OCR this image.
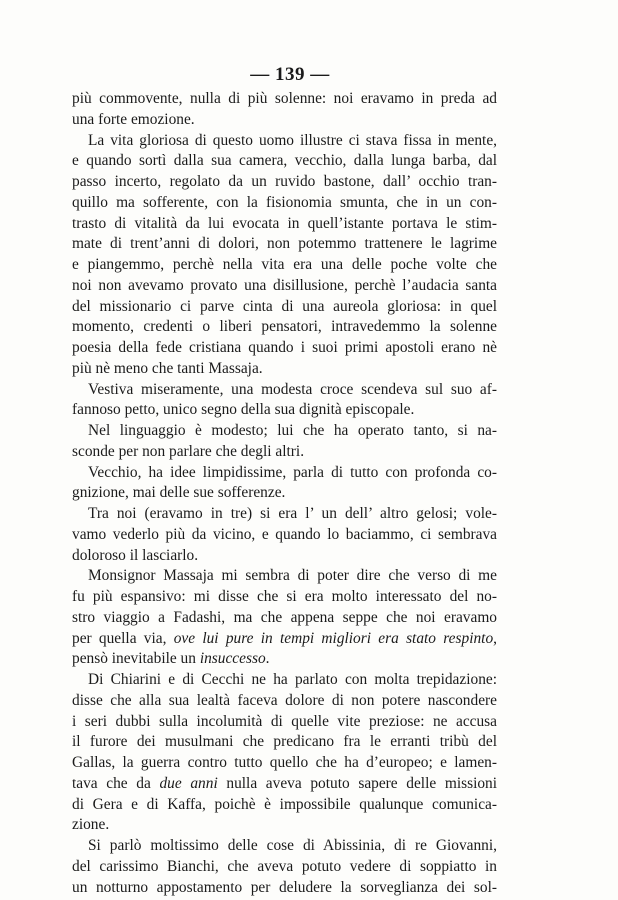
— 139 —
più commovente, nulla di più solenne: noi eravamo in preda ad
una forte emozione.
La vita gloriosa di questo uomo illustre ci stava fissa in mente,
e quando sortì dalla sua camera, vecchio, dalla lunga barba, dal
passo incerto, regolato da un ruvido bastone, dall’ occhio tran-
quillo ma sofferente, con la fisionomia smunta, che in un con-
trasto di vitalità da lui evocata in quell’istante portava le stim-
mate di trent’anni di dolori, non potemmo trattenere le lagrime
e piangemmo, perchè nella vita era una delle poche volte che
noi non avevamo provato una disillusione, perchè l’audacia santa
del missionario ci parve cinta di una aureola gloriosa: in quel
momento, credenti o liberi pensatori, intravedemmo la solenne
poesia della fede cristiana quando i suoi primi apostoli erano nè
più nè meno che tanti Massaja.
Vestiva miseramente, una modesta croce scendeva sul suo af-
fannoso petto, unico segno della sua dignità episcopale.
Nel linguaggio è modesto; lui che ha operato tanto, si na-
sconde per non parlare che degli altri.
Vecchio, ha idee limpidissime, parla di tutto con profonda co-
gnizione, mai delle sue sofferenze.
Tra noi (eravamo in tre) si era l’ un dell’ altro gelosi; vole-
vamo vederlo più da vicino, e quando lo baciammo, ci sembrava
doloroso il lasciarlo.
Monsignor Massaja mi sembra di poter dire che verso di me
fu più espansivo: mi disse che si era molto interessato del no-
stro viaggio a Fadashi, ma che appena seppe che noi eravamo
per quella via, ove lui pure in tempi migliori era stato respinto,
pensò inevitabile un insuccesso.
Di Chiarini e di Cecchi ne ha parlato con molta trepidazione:
disse che alla sua lealtà faceva dolore di non potere nascondere
i seri dubbi sulla incolumità di quelle vite preziose: ne accusa
il furore dei musulmani che predicano fra le erranti tribù del
Gallas, la guerra contro tutto quello che ha d’europeo; e lamen-
tava che da due anni nulla aveva potuto sapere delle missioni
di Gera e di Kaffa, poichè è impossibile qualunque comunica-
zione.
Si parlò moltissimo delle cose di Abissinia, di re Giovanni,
del carissimo Bianchi, che aveva potuto vedere di soppiatto in
un notturno appostamento per deludere la sorveglianza dei sol-
